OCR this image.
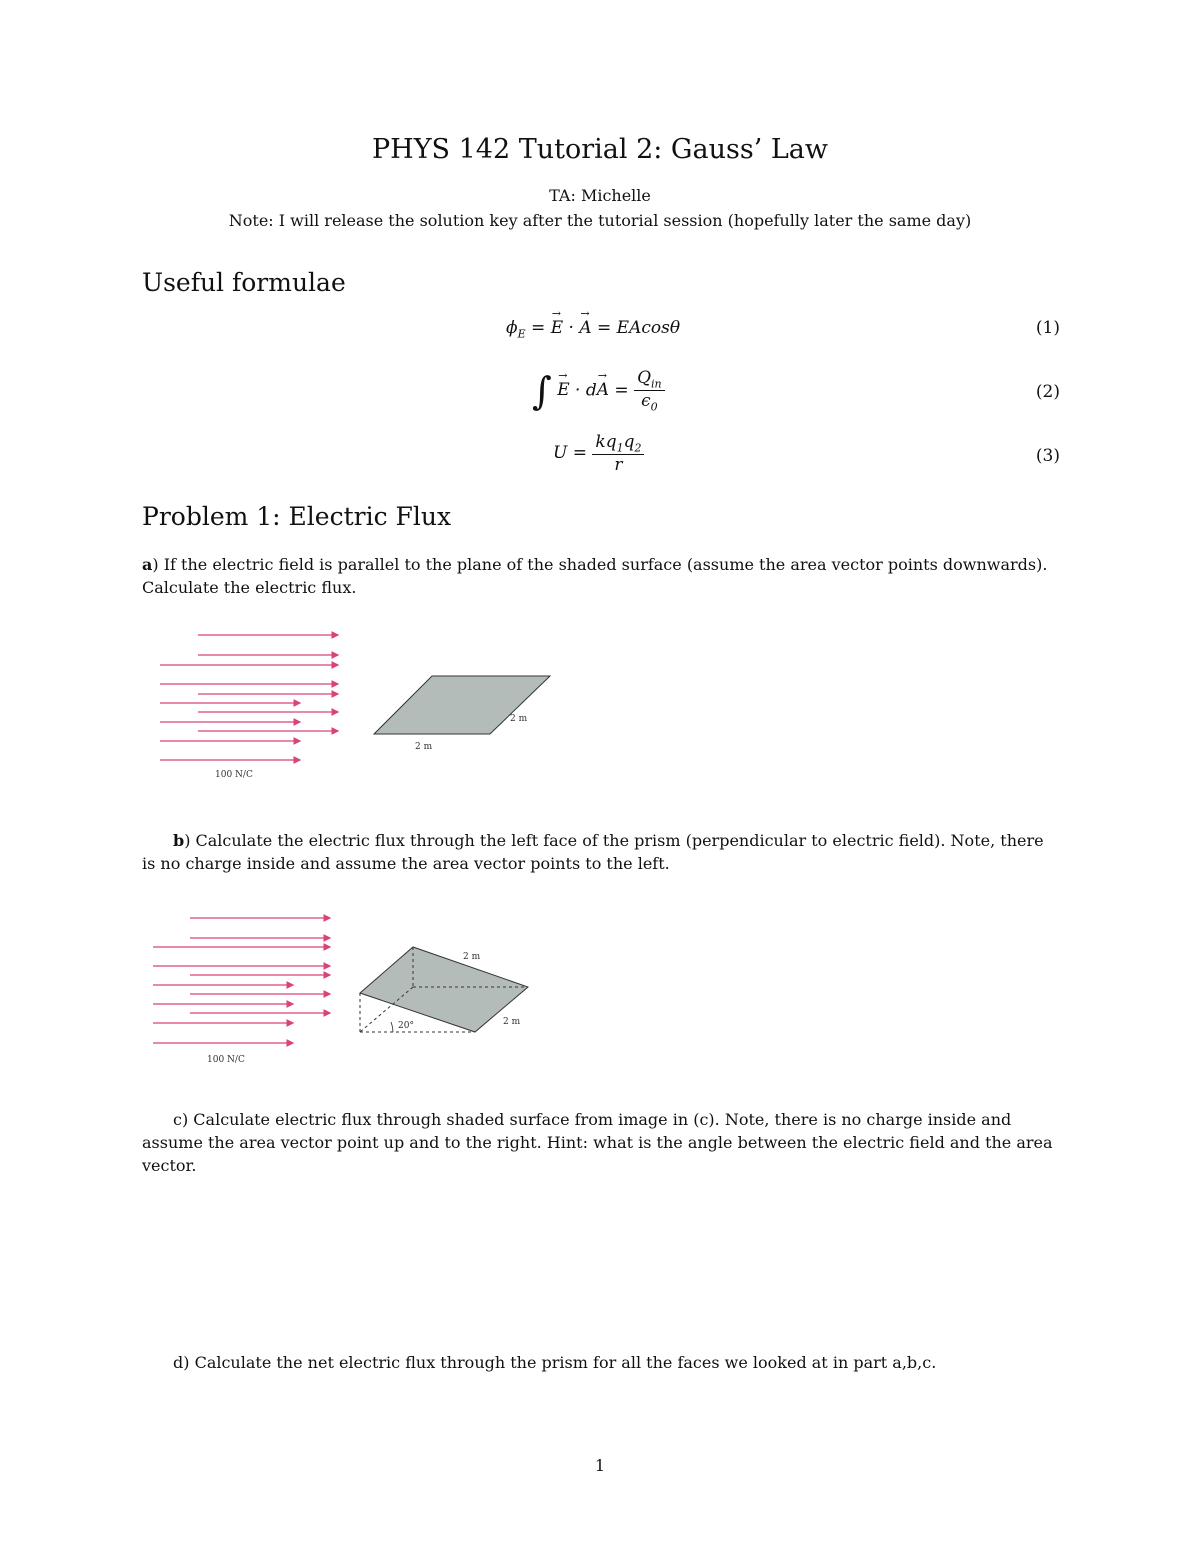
PHYS 142 Tutorial 2: Gauss’ Law
TA: Michelle
Note: I will release the solution key after the tutorial session (hopefully later the same day)
Useful formulae
$\phi_E = E$
→
· A
→
= EAcosθ	(1)
∫ E
→
· dA
→
= $\frac{Q_{in}}{\epsilon_0}$	(2)
$U = \frac{kq_1q_2}{r}$	(3)
Problem 1: Electric Flux
a) If the electric field is parallel to the plane of the shaded surface (assume the area vector points downwards). Calculate the electric flux.
100 N/C
2 m
2 m
b) Calculate the electric flux through the left face of the prism (perpendicular to electric field). Note, there is no charge inside and assume the area vector points to the left.
100 N/C
20°
2 m
2 m
c) Calculate electric flux through shaded surface from image in (c). Note, there is no charge inside and assume the area vector point up and to the right. Hint: what is the angle between the electric field and the area vector.
d) Calculate the net electric flux through the prism for all the faces we looked at in part a,b,c.
1
